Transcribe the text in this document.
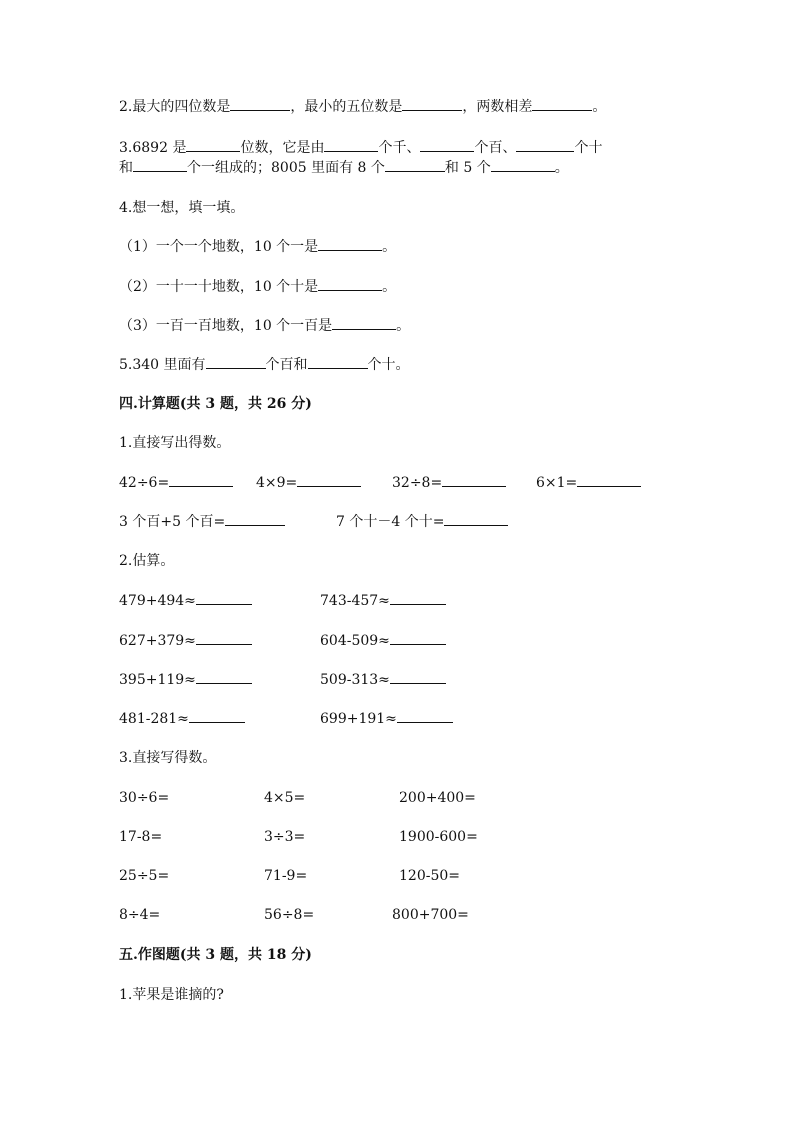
2.最大的四位数是	，最小的五位数是	，两数相差	。
3.6892 是	位数，它是由	个千、	个百、	个十
和	个一组成的；8005 里面有 8 个	和 5 个	。
4.想一想，填一填。
（1）一个一个地数，10 个一是	。
（2）一十一十地数，10 个十是	。
（3）一百一百地数，10 个一百是	。
5.340 里面有	个百和	个十。
四.计算题(共 3 题，共 26 分)
1.直接写出得数。
42÷6=	4×9=	32÷8=	6×1=
3 个百+5 个百=	7 个十－4 个十=
2.估算。
479+494≈	743-457≈
627+379≈	604-509≈
395+119≈	509-313≈
481-281≈	699+191≈
3.直接写得数。
30÷6=	4×5=	200+400=
17-8=	3÷3=	1900-600=
25÷5=	71-9=	120-50=
8÷4=	56÷8=	800+700=
五.作图题(共 3 题，共 18 分)
1.苹果是谁摘的?
